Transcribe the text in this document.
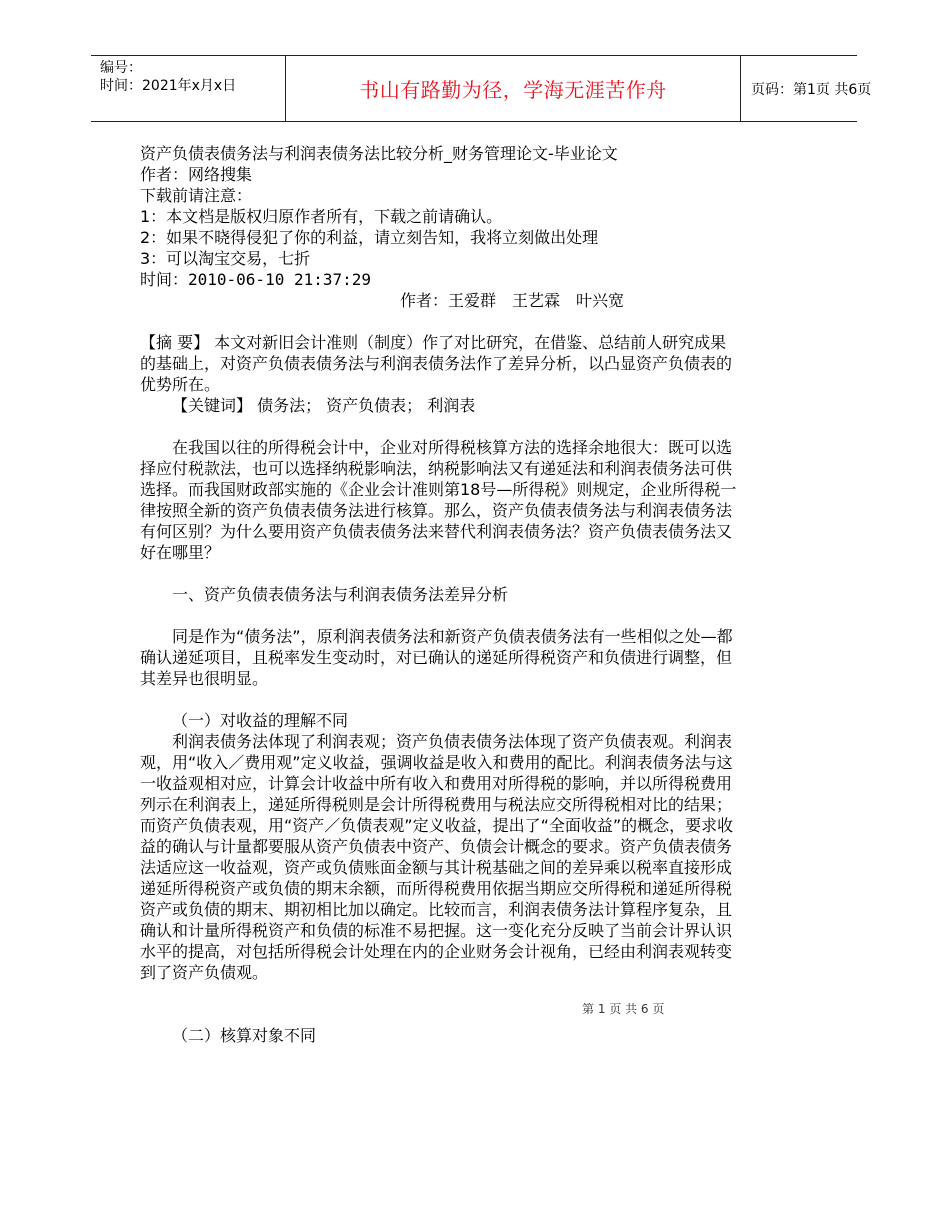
编号：
时间：2021年x月x日	书山有路勤为径，学海无涯苦作舟	页码：第1页 共6页

资产负债表债务法与利润表债务法比较分析_财务管理论文-毕业论文

作者：网络搜集

下载前请注意：

1：本文档是版权归原作者所有，下载之前请确认。

2：如果不晓得侵犯了你的利益，请立刻告知，我将立刻做出处理

3：可以淘宝交易，七折

时间：2010-06-10 21:37:29

作者：王爱群　王艺霖　叶兴宽

【摘 要】 本文对新旧会计准则（制度）作了对比研究，在借鉴、总结前人研究成果的基础上，对资产负债表债务法与利润表债务法作了差异分析，以凸显资产负债表的优势所在。

【关键词】 债务法； 资产负债表； 利润表

在我国以往的所得税会计中，企业对所得税核算方法的选择余地很大：既可以选择应付税款法，也可以选择纳税影响法，纳税影响法又有递延法和利润表债务法可供选择。而我国财政部实施的《企业会计准则第18号—所得税》则规定，企业所得税一律按照全新的资产负债表债务法进行核算。那么，资产负债表债务法与利润表债务法有何区别？为什么要用资产负债表债务法来替代利润表债务法？资产负债表债务法又好在哪里？

一、资产负债表债务法与利润表债务法差异分析

同是作为“债务法”，原利润表债务法和新资产负债表债务法有一些相似之处—都确认递延项目，且税率发生变动时，对已确认的递延所得税资产和负债进行调整，但其差异也很明显。

（一）对收益的理解不同

利润表债务法体现了利润表观；资产负债表债务法体现了资产负债表观。利润表观，用“收入／费用观”定义收益，强调收益是收入和费用的配比。利润表债务法与这一收益观相对应，计算会计收益中所有收入和费用对所得税的影响，并以所得税费用列示在利润表上，递延所得税则是会计所得税费用与税法应交所得税相对比的结果；而资产负债表观，用“资产／负债表观”定义收益，提出了“全面收益”的概念，要求收益的确认与计量都要服从资产负债表中资产、负债会计概念的要求。资产负债表债务法适应这一收益观，资产或负债账面金额与其计税基础之间的差异乘以税率直接形成递延所得税资产或负债的期末余额，而所得税费用依据当期应交所得税和递延所得税资产或负债的期末、期初相比加以确定。比较而言，利润表债务法计算程序复杂，且确认和计量所得税资产和负债的标准不易把握。这一变化充分反映了当前会计界认识水平的提高，对包括所得税会计处理在内的企业财务会计视角，已经由利润表观转变到了资产负债观。

（二）核算对象不同

第 1 页 共 6 页
